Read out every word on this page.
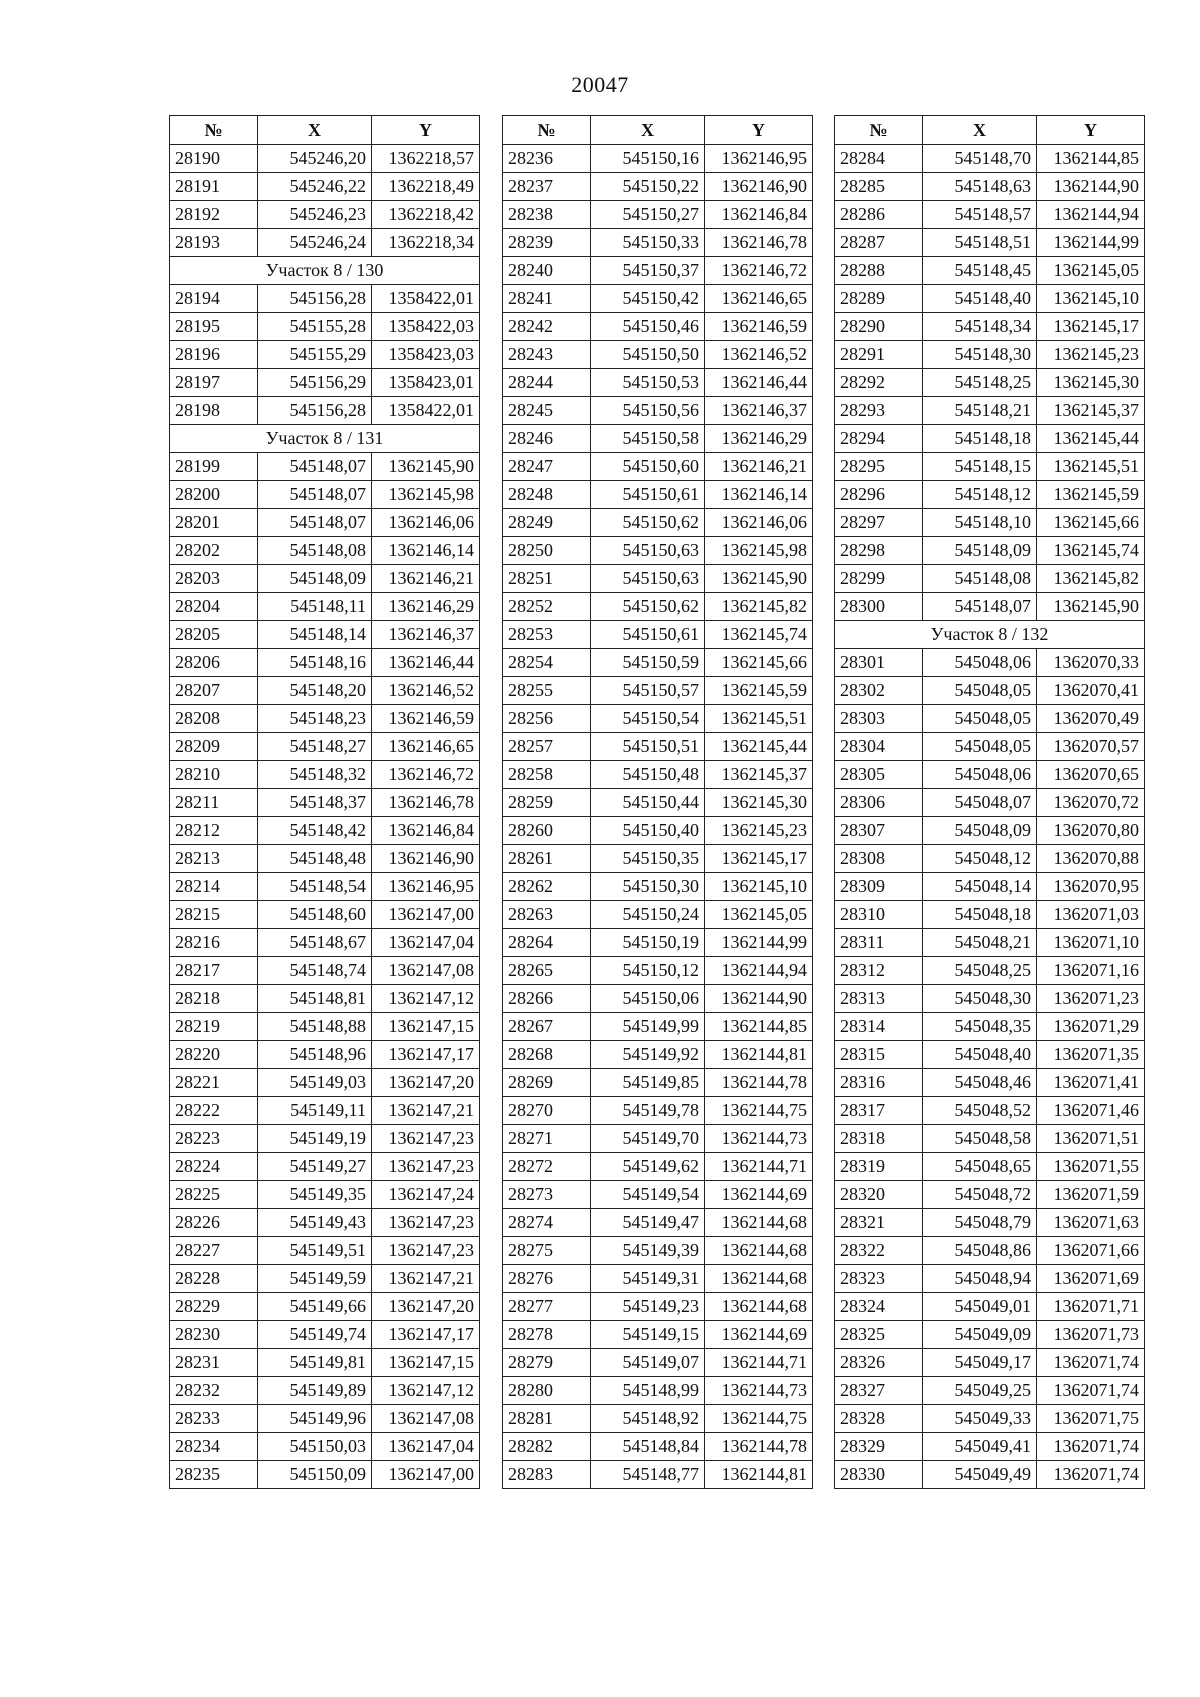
20047
№	X	Y
28190	545246,20	1362218,57
28191	545246,22	1362218,49
28192	545246,23	1362218,42
28193	545246,24	1362218,34
Участок 8 / 130		
28194	545156,28	1358422,01
28195	545155,28	1358422,03
28196	545155,29	1358423,03
28197	545156,29	1358423,01
28198	545156,28	1358422,01
Участок 8 / 131		
28199	545148,07	1362145,90
28200	545148,07	1362145,98
28201	545148,07	1362146,06
28202	545148,08	1362146,14
28203	545148,09	1362146,21
28204	545148,11	1362146,29
28205	545148,14	1362146,37
28206	545148,16	1362146,44
28207	545148,20	1362146,52
28208	545148,23	1362146,59
28209	545148,27	1362146,65
28210	545148,32	1362146,72
28211	545148,37	1362146,78
28212	545148,42	1362146,84
28213	545148,48	1362146,90
28214	545148,54	1362146,95
28215	545148,60	1362147,00
28216	545148,67	1362147,04
28217	545148,74	1362147,08
28218	545148,81	1362147,12
28219	545148,88	1362147,15
28220	545148,96	1362147,17
28221	545149,03	1362147,20
28222	545149,11	1362147,21
28223	545149,19	1362147,23
28224	545149,27	1362147,23
28225	545149,35	1362147,24
28226	545149,43	1362147,23
28227	545149,51	1362147,23
28228	545149,59	1362147,21
28229	545149,66	1362147,20
28230	545149,74	1362147,17
28231	545149,81	1362147,15
28232	545149,89	1362147,12
28233	545149,96	1362147,08
28234	545150,03	1362147,04
28235	545150,09	1362147,00
№	X	Y
28236	545150,16	1362146,95
28237	545150,22	1362146,90
28238	545150,27	1362146,84
28239	545150,33	1362146,78
28240	545150,37	1362146,72
28241	545150,42	1362146,65
28242	545150,46	1362146,59
28243	545150,50	1362146,52
28244	545150,53	1362146,44
28245	545150,56	1362146,37
28246	545150,58	1362146,29
28247	545150,60	1362146,21
28248	545150,61	1362146,14
28249	545150,62	1362146,06
28250	545150,63	1362145,98
28251	545150,63	1362145,90
28252	545150,62	1362145,82
28253	545150,61	1362145,74
28254	545150,59	1362145,66
28255	545150,57	1362145,59
28256	545150,54	1362145,51
28257	545150,51	1362145,44
28258	545150,48	1362145,37
28259	545150,44	1362145,30
28260	545150,40	1362145,23
28261	545150,35	1362145,17
28262	545150,30	1362145,10
28263	545150,24	1362145,05
28264	545150,19	1362144,99
28265	545150,12	1362144,94
28266	545150,06	1362144,90
28267	545149,99	1362144,85
28268	545149,92	1362144,81
28269	545149,85	1362144,78
28270	545149,78	1362144,75
28271	545149,70	1362144,73
28272	545149,62	1362144,71
28273	545149,54	1362144,69
28274	545149,47	1362144,68
28275	545149,39	1362144,68
28276	545149,31	1362144,68
28277	545149,23	1362144,68
28278	545149,15	1362144,69
28279	545149,07	1362144,71
28280	545148,99	1362144,73
28281	545148,92	1362144,75
28282	545148,84	1362144,78
28283	545148,77	1362144,81
№	X	Y
28284	545148,70	1362144,85
28285	545148,63	1362144,90
28286	545148,57	1362144,94
28287	545148,51	1362144,99
28288	545148,45	1362145,05
28289	545148,40	1362145,10
28290	545148,34	1362145,17
28291	545148,30	1362145,23
28292	545148,25	1362145,30
28293	545148,21	1362145,37
28294	545148,18	1362145,44
28295	545148,15	1362145,51
28296	545148,12	1362145,59
28297	545148,10	1362145,66
28298	545148,09	1362145,74
28299	545148,08	1362145,82
28300	545148,07	1362145,90
Участок 8 / 132		
28301	545048,06	1362070,33
28302	545048,05	1362070,41
28303	545048,05	1362070,49
28304	545048,05	1362070,57
28305	545048,06	1362070,65
28306	545048,07	1362070,72
28307	545048,09	1362070,80
28308	545048,12	1362070,88
28309	545048,14	1362070,95
28310	545048,18	1362071,03
28311	545048,21	1362071,10
28312	545048,25	1362071,16
28313	545048,30	1362071,23
28314	545048,35	1362071,29
28315	545048,40	1362071,35
28316	545048,46	1362071,41
28317	545048,52	1362071,46
28318	545048,58	1362071,51
28319	545048,65	1362071,55
28320	545048,72	1362071,59
28321	545048,79	1362071,63
28322	545048,86	1362071,66
28323	545048,94	1362071,69
28324	545049,01	1362071,71
28325	545049,09	1362071,73
28326	545049,17	1362071,74
28327	545049,25	1362071,74
28328	545049,33	1362071,75
28329	545049,41	1362071,74
28330	545049,49	1362071,74
